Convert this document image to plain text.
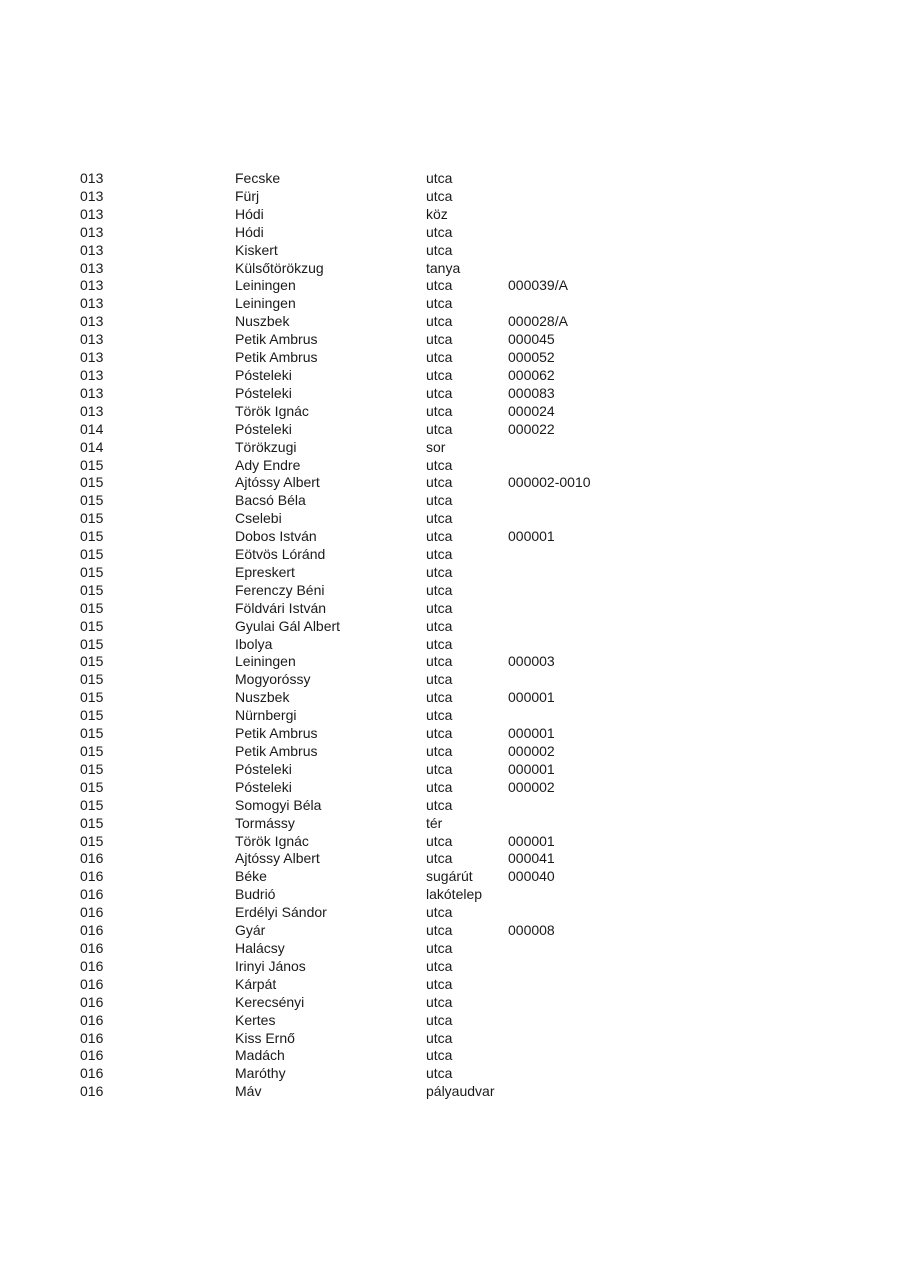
013	Fecske	utca
013	Fürj	utca
013	Hódi	köz
013	Hódi	utca
013	Kiskert	utca
013	Külsőtörökzug	tanya
013	Leiningen	utca	000039/A
013	Leiningen	utca
013	Nuszbek	utca	000028/A
013	Petik Ambrus	utca	000045
013	Petik Ambrus	utca	000052
013	Pósteleki	utca	000062
013	Pósteleki	utca	000083
013	Török Ignác	utca	000024
014	Pósteleki	utca	000022
014	Törökzugi	sor
015	Ady Endre	utca
015	Ajtóssy Albert	utca	000002-0010
015	Bacsó Béla	utca
015	Cselebi	utca
015	Dobos István	utca	000001
015	Eötvös Lóránd	utca
015	Epreskert	utca
015	Ferenczy Béni	utca
015	Földvári István	utca
015	Gyulai Gál Albert	utca
015	Ibolya	utca
015	Leiningen	utca	000003
015	Mogyoróssy	utca
015	Nuszbek	utca	000001
015	Nürnbergi	utca
015	Petik Ambrus	utca	000001
015	Petik Ambrus	utca	000002
015	Pósteleki	utca	000001
015	Pósteleki	utca	000002
015	Somogyi Béla	utca
015	Tormássy	tér
015	Török Ignác	utca	000001
016	Ajtóssy Albert	utca	000041
016	Béke	sugárút	000040
016	Budrió	lakótelep
016	Erdélyi Sándor	utca
016	Gyár	utca	000008
016	Halácsy	utca
016	Irinyi János	utca
016	Kárpát	utca
016	Kerecsényi	utca
016	Kertes	utca
016	Kiss Ernő	utca
016	Madách	utca
016	Maróthy	utca
016	Máv	pályaudvar
